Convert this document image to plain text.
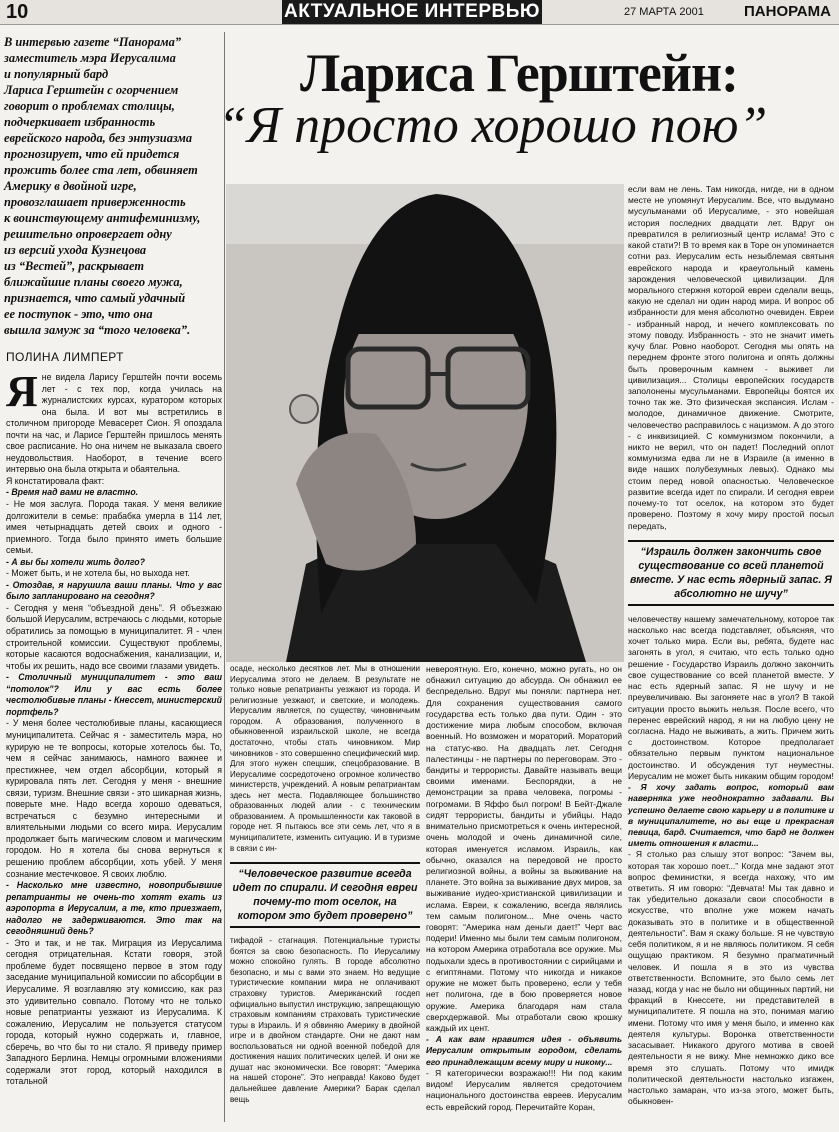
10	АКТУАЛЬНОЕ ИНТЕРВЬЮ	27 МАРТА 2001	ПАНОРАМА
В интервью газете “Панорама”
заместитель мэра Иерусалима
и популярный бард
Лариса Герштейн с огорчением
говорит о проблемах столицы,
подчеркивает избранность
еврейского народа, без энтузиазма
прогнозирует, что ей придется
прожить более ста лет, обвиняет
Америку в двойной игре,
провозглашает приверженность
к воинствующему антифеминизму,
решительно опровергает одну
из версий ухода Кузнецова
из “Вестей”, раскрывает
ближайшие планы своего мужа,
признается, что самый удачный
ее поступок - это, что она
вышла замуж за “того человека”.
ПОЛИНА ЛИМПЕРТ
Лариса Герштейн:
“Я просто хорошо пою”
Я не видела Ларису Герштейн почти восемь лет - с тех пор, когда училась на журналистских курсах, куратором которых она была. И вот мы встретились в столичном пригороде Мевасерет Сион. Я опоздала почти на час, и Ларисе Герштейн пришлось менять свое расписание. Но она ничем не выказала своего неудовольствия. Наоборот, в течение всего интервью она была открыта и обаятельна.

Я констатировала факт:

- Время над вами не властно.

- Не моя заслуга. Порода такая. У меня великие долгожители в семье: прабабка умерла в 114 лет, имея четырнадцать детей своих и одного - приемного. Тогда было принято иметь большие семьи.

- А вы бы хотели жить долго?

- Может быть, и не хотела бы, но выхода нет.

- Отоздав, я нарушила ваши планы. Что у вас было запланировано на сегодня?

- Сегодня у меня “объездной день”. Я объезжаю большой Иерусалим, встречаюсь с людьми, которые обратились за помощью в муниципалитет. Я - член строительной комиссии. Существуют проблемы, которые касаются водоснабжения, канализации, и, чтобы их решить, надо все своими глазами увидеть.

- Столичный муниципалитет - это ваш “потолок”? Или у вас есть более честолюбивые планы - Кнессет, министерский портфель?

- У меня более честолюбивые планы, касающиеся муниципалитета. Сейчас я - заместитель мэра, но курирую не те вопросы, которые хотелось бы. То, чем я сейчас занимаюсь, намного важнее и престижнее, чем отдел абсорбции, который я курировала пять лет. Сегодня у меня - внешние связи, туризм. Внешние связи - это шикарная жизнь, поверьте мне. Надо всегда хорошо одеваться, встречаться с безумно интересными и влиятельными людьми со всего мира. Иерусалим продолжает быть магическим словом и магическим городом. Но я хотела бы снова вернуться к решению проблем абсорбции, хоть убей. У меня сознание местечковое. Я своих люблю.

- Насколько мне известно, новоприбывшие репатрианты не очень-то хотят ехать из аэропорта в Иерусалим, а те, кто приезжает, надолго не задерживаются. Это так на сегодняшний день?

- Это и так, и не так. Миграция из Иерусалима сегодня отрицательная. Кстати говоря, этой проблеме будет посвящено первое в этом году заседание муниципальной комиссии по абсорбции в Иерусалиме. Я возглавляю эту комиссию, как раз это удивительно совпало. Потому что не только новые репатрианты уезжают из Иерусалима. К сожалению, Иерусалим не пользуется статусом города, который нужно содержать и, главное, сберечь, во что бы то ни стало. Я приведу пример Западного Берлина. Немцы огромными вложениями содержали этот город, который находился в тотальной

осаде, несколько десятков лет. Мы в отношении Иерусалима этого не делаем. В результате не только новые репатрианты уезжают из города. И религиозные уезжают, и светские, и молодежь. Иерусалим является, по существу, чиновничьим городом. А образования, полученного в обыкновенной израильской школе, не всегда достаточно, чтобы стать чиновником. Мир чиновников - это совершенно специфический мир. Для этого нужен спецшик, спецобразование. В Иерусалиме сосредоточено огромное количество министерств, учреждений. А новым репатриантам здесь нет места. Подавляющее большинство образованных людей алии - с техническим образованием. А промышленности как таковой в городе нет. Я пытаюсь все эти семь лет, что я в муниципалитете, изменить ситуацию. И в туризме в связи с ин-

“Человеческое развитие всегда идет по спирали. И сегодня евреи почему-то тот оселок, на котором это будет проверено”

тифадой - стагнация. Потенциальные туристы боятся за свою безопасность. По Иерусалиму можно спокойно гулять. В городе абсолютно безопасно, и мы с вами это знаем. Но ведущие туристические компании мира не оплачивают страховку туристов. Американский госдеп официально выпустил инструкцию, запрещающую страховым компаниям страховать туристические туры в Израиль. И я обвиняю Америку в двойной игре и в двойном стандарте. Они не дают нам воспользоваться ни одной военной победой для достижения наших политических целей. И они же душат нас экономически. Все говорят: “Америка на нашей стороне”. Это неправда! Каково будет дальнейшее давление Америки? Барак сделал вещь

невероятную. Его, конечно, можно ругать, но он обнажил ситуацию до абсурда. Он обнажил ее беспредельно. Вдруг мы поняли: партнера нет. Для сохранения существования самого государства есть только два пути. Один - это достижение мира любым способом, включая военный. Но возможен и мораторий. Мораторий на статус-кво. На двадцать лет. Сегодня палестинцы - не партнеры по переговорам. Это - бандиты и террористы. Давайте называть вещи своими именами. Беспорядки, а не демонстрации за права человека, погромы - погромами. В Яффо был погром! В Бейт-Джале сидят террористы, бандиты и убийцы. Надо внимательно присмотреться к очень интересной, очень молодой и очень динамичной силе, которая именуется исламом. Израиль, как обычно, оказался на передовой не просто религиозной войны, а войны за выживание на планете. Это война за выживание двух миров, за выживание иудео-христианской цивилизации и ислама. Евреи, к сожалению, всегда являлись тем самым полигоном... Мне очень часто говорят: “Америка нам деньги дает!” Черт вас подери! Именно мы были тем самым полигоном, на котором Америка отработала все оружие. Мы подыхали здесь в противостоянии с сирийцами и с египтянами. Потому что никогда и никакое оружие не может быть проверено, если у тебя нет полигона, где в бою проверяется новое оружие. Америка благодаря нам стала сверхдержавой. Мы отработали свою крошку каждый их цент.

- А как вам нравится идея - объявить Иерусалим открытым городом, сделать его принадлежащим всему миру и никому...

- Я категорически возражаю!!! Ни под каким видом! Иерусалим является средоточием национального достоинства евреев. Иерусалим есть еврейский город. Перечитайте Коран,

если вам не лень. Там никогда, нигде, ни в одном месте не упомянут Иерусалим. Все, что выдумано мусульманами об Иерусалиме, - это новейшая история последних двадцати лет. Вдруг он превратился в религиозный центр ислама! Это с какой стати?! В то время как в Торе он упоминается сотни раз. Иерусалим есть незыблемая святыня еврейского народа и краеугольный камень зарождения человеческой цивилизации. Для морального стержня которой евреи сделали вещь, какую не сделал ни один народ мира. И вопрос об избранности для меня абсолютно очевиден. Евреи - избранный народ, и нечего комплексовать по этому поводу. Избранность - это не значит иметь кучу благ. Ровно наоборот. Сегодня мы опять на переднем фронте этого полигона и опять должны быть проверочным камнем - выживет ли цивилизация... Столицы европейских государств заполонены мусульманами. Европейцы боятся их точно так же. Это физическая экспансия. Ислам - молодое, динамичное движение. Смотрите, человечество расправилось с нацизмом. А до этого - с инквизицией. С коммунизмом покончили, а никто не верил, что он падет! Последний оплот коммунизма едва ли не в Израиле (а именно в виде наших полубезумных левых). Однако мы стоим перед новой опасностью. Человеческое развитие всегда идет по спирали. И сегодня евреи почему-то тот оселок, на котором это будет проверено. Поэтому я хочу миру простой посыл передать,

“Израиль должен закончить свое существование со всей планетой вместе. У нас есть ядерный запас. Я абсолютно не шучу”

человечеству нашему замечательному, которое так насколько нас всегда подставляет, объясняя, что хочет только мира. Если вы, ребята, будете нас загонять в угол, я считаю, что есть только одно решение - Государство Израиль должно закончить свое существование со всей планетой вместе. У нас есть ядерный запас. Я не шучу и не преувеличиваю. Вы загоняете нас в угол? В такой ситуации просто выжить нельзя. После всего, что перенес еврейский народ, я ни на любую цену не согласна. Надо не выживать, а жить. Причем жить с достоинством. Которое предполагает обязательно первым пунктом национальное достоинство. И обсуждения тут неуместны. Иерусалим не может быть никаким общим городом!

- Я хочу задать вопрос, который вам наверняка уже неоднократно задавали. Вы успешно делаете свою карьеру и в политике и в муниципалитете, но вы еще и прекрасная певица, бард. Считается, что бард не должен иметь отношения к власти...

- Я столько раз слышу этот вопрос: “Зачем вы, которая так хорошо поет...” Когда мне задают этот вопрос феминистки, я всегда нахожу, что им ответить. Я им говорю: “Девчата! Мы так давно и так убедительно доказали свои способности в искусстве, что вполне уже можем начать доказывать это в политике и в общественной деятельности”. Вам я скажу больше. Я не чувствую себя политиком, я и не являюсь политиком. Я себя ощущаю практиком. Я безумно прагматичный человек. И пошла я в это из чувства ответственности. Вспомните, это было семь лет назад, когда у нас не было ни общинных партий, ни фракций в Кнессете, ни представителей в муниципалитете. Я пошла на это, понимая магию имени. Потому что имя у меня было, и именно как деятеля культуры. Воронка ответственности засасывает. Никакого другого мотива в своей деятельности я не вижу. Мне немножко дико все время это слушать. Потому что имидж политической деятельности настолько изгажен, настолько замаран, что из-за этого, может быть, обыкновен-
